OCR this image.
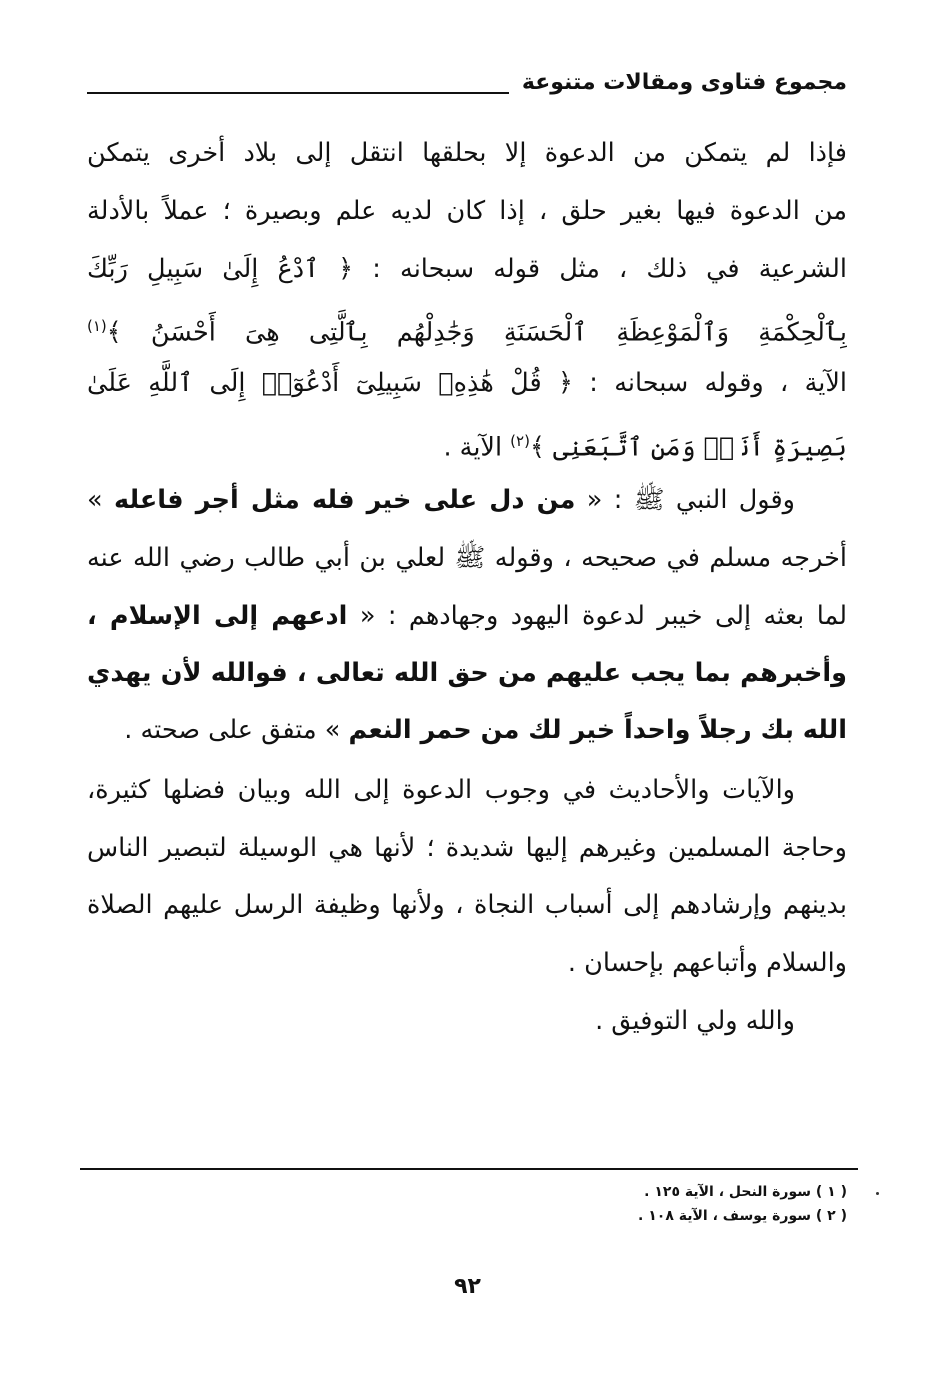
مجموع فتاوى ومقالات متنوعة
فإذا لم يتمكن من الدعوة إلا بحلقها انتقل إلى بلاد أخرى يتمكن
من الدعوة فيها بغير حلق ، إذا كان لديه علم وبصيرة ؛ عملاً بالأدلة
الشرعية في ذلك ، مثل قوله سبحانه : ﴿ ٱدْعُ إِلَىٰ سَبِيلِ رَبِّكَ
بِٱلْحِكْمَةِ وَٱلْمَوْعِظَةِ ٱلْحَسَنَةِ وَجَٰدِلْهُم بِٱلَّتِى هِىَ أَحْسَنُ ﴾$^{(١)}$
الآية ، وقوله سبحانه : ﴿ قُلْ هَٰذِهِۦ سَبِيلِىٓ أَدْعُوٓا۟ إِلَى ٱللَّهِ عَلَىٰ
بَصِيرَةٍ أَنَا۠ وَمَنِ ٱتَّبَعَنِى ﴾$^{(٢)}$ الآية .
وقول النبي ﷺ : « من دل على خير فله مثل أجر فاعله »
أخرجه مسلم في صحيحه ، وقوله ﷺ لعلي بن أبي طالب رضي الله عنه
لما بعثه إلى خيبر لدعوة اليهود وجهادهم : « ادعهم إلى الإسلام ،
وأخبرهم بما يجب عليهم من حق الله تعالى ، فوالله لأن يهدي
الله بك رجلاً واحداً خير لك من حمر النعم » متفق على صحته .
والآيات والأحاديث في وجوب الدعوة إلى الله وبيان فضلها كثيرة،
وحاجة المسلمين وغيرهم إليها شديدة ؛ لأنها هي الوسيلة لتبصير الناس
بدينهم وإرشادهم إلى أسباب النجاة ، ولأنها وظيفة الرسل عليهم الصلاة
والسلام وأتباعهم بإحسان .
والله ولي التوفيق .
( ١ ) سورة النحل ، الآية ١٢٥ .
( ٢ ) سورة يوسف ، الآية ١٠٨ .
٩٢
